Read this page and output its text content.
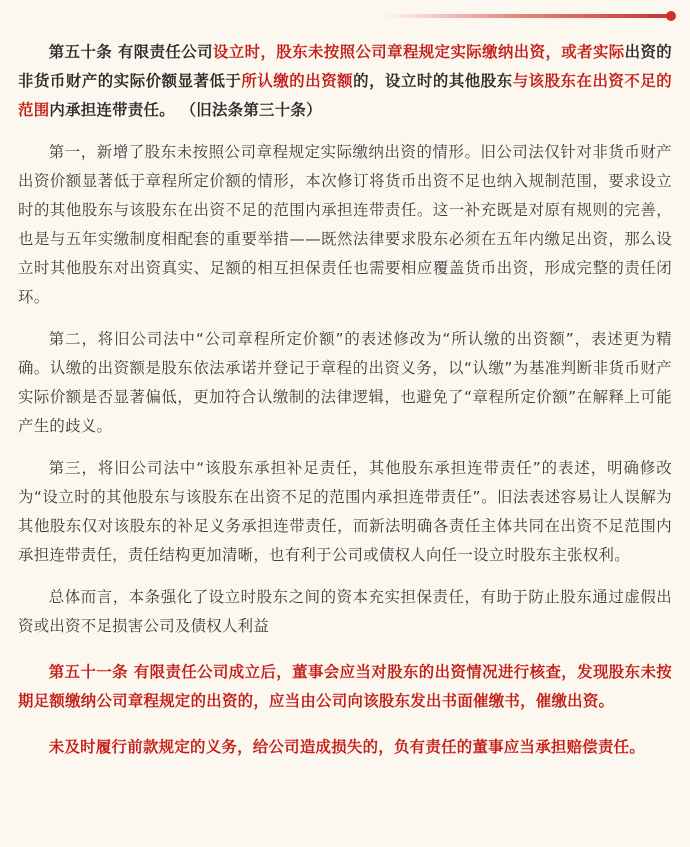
第五十条 有限责任公司设立时，股东未按照公司章程规定实际缴纳出资，或者实际出资的非货币财产的实际价额显著低于所认缴的出资额的，设立时的其他股东与该股东在出资不足的范围内承担连带责任。 （旧法条第三十条）

第一，新增了股东未按照公司章程规定实际缴纳出资的情形。旧公司法仅针对非货币财产出资价额显著低于章程所定价额的情形，本次修订将货币出资不足也纳入规制范围，要求设立时的其他股东与该股东在出资不足的范围内承担连带责任。这一补充既是对原有规则的完善，也是与五年实缴制度相配套的重要举措——既然法律要求股东必须在五年内缴足出资，那么设立时其他股东对出资真实、足额的相互担保责任也需要相应覆盖货币出资，形成完整的责任闭环。

第二，将旧公司法中“公司章程所定价额”的表述修改为“所认缴的出资额”，表述更为精确。认缴的出资额是股东依法承诺并登记于章程的出资义务，以“认缴”为基准判断非货币财产实际价额是否显著偏低，更加符合认缴制的法律逻辑，也避免了“章程所定价额”在解释上可能产生的歧义。

第三，将旧公司法中“该股东承担补足责任，其他股东承担连带责任”的表述，明确修改为“设立时的其他股东与该股东在出资不足的范围内承担连带责任”。旧法表述容易让人误解为其他股东仅对该股东的补足义务承担连带责任，而新法明确各责任主体共同在出资不足范围内承担连带责任，责任结构更加清晰，也有利于公司或债权人向任一设立时股东主张权利。

总体而言，本条强化了设立时股东之间的资本充实担保责任，有助于防止股东通过虚假出资或出资不足损害公司及债权人利益

第五十一条 有限责任公司成立后，董事会应当对股东的出资情况进行核查，发现股东未按期足额缴纳公司章程规定的出资的，应当由公司向该股东发出书面催缴书，催缴出资。

未及时履行前款规定的义务，给公司造成损失的，负有责任的董事应当承担赔偿责任。
